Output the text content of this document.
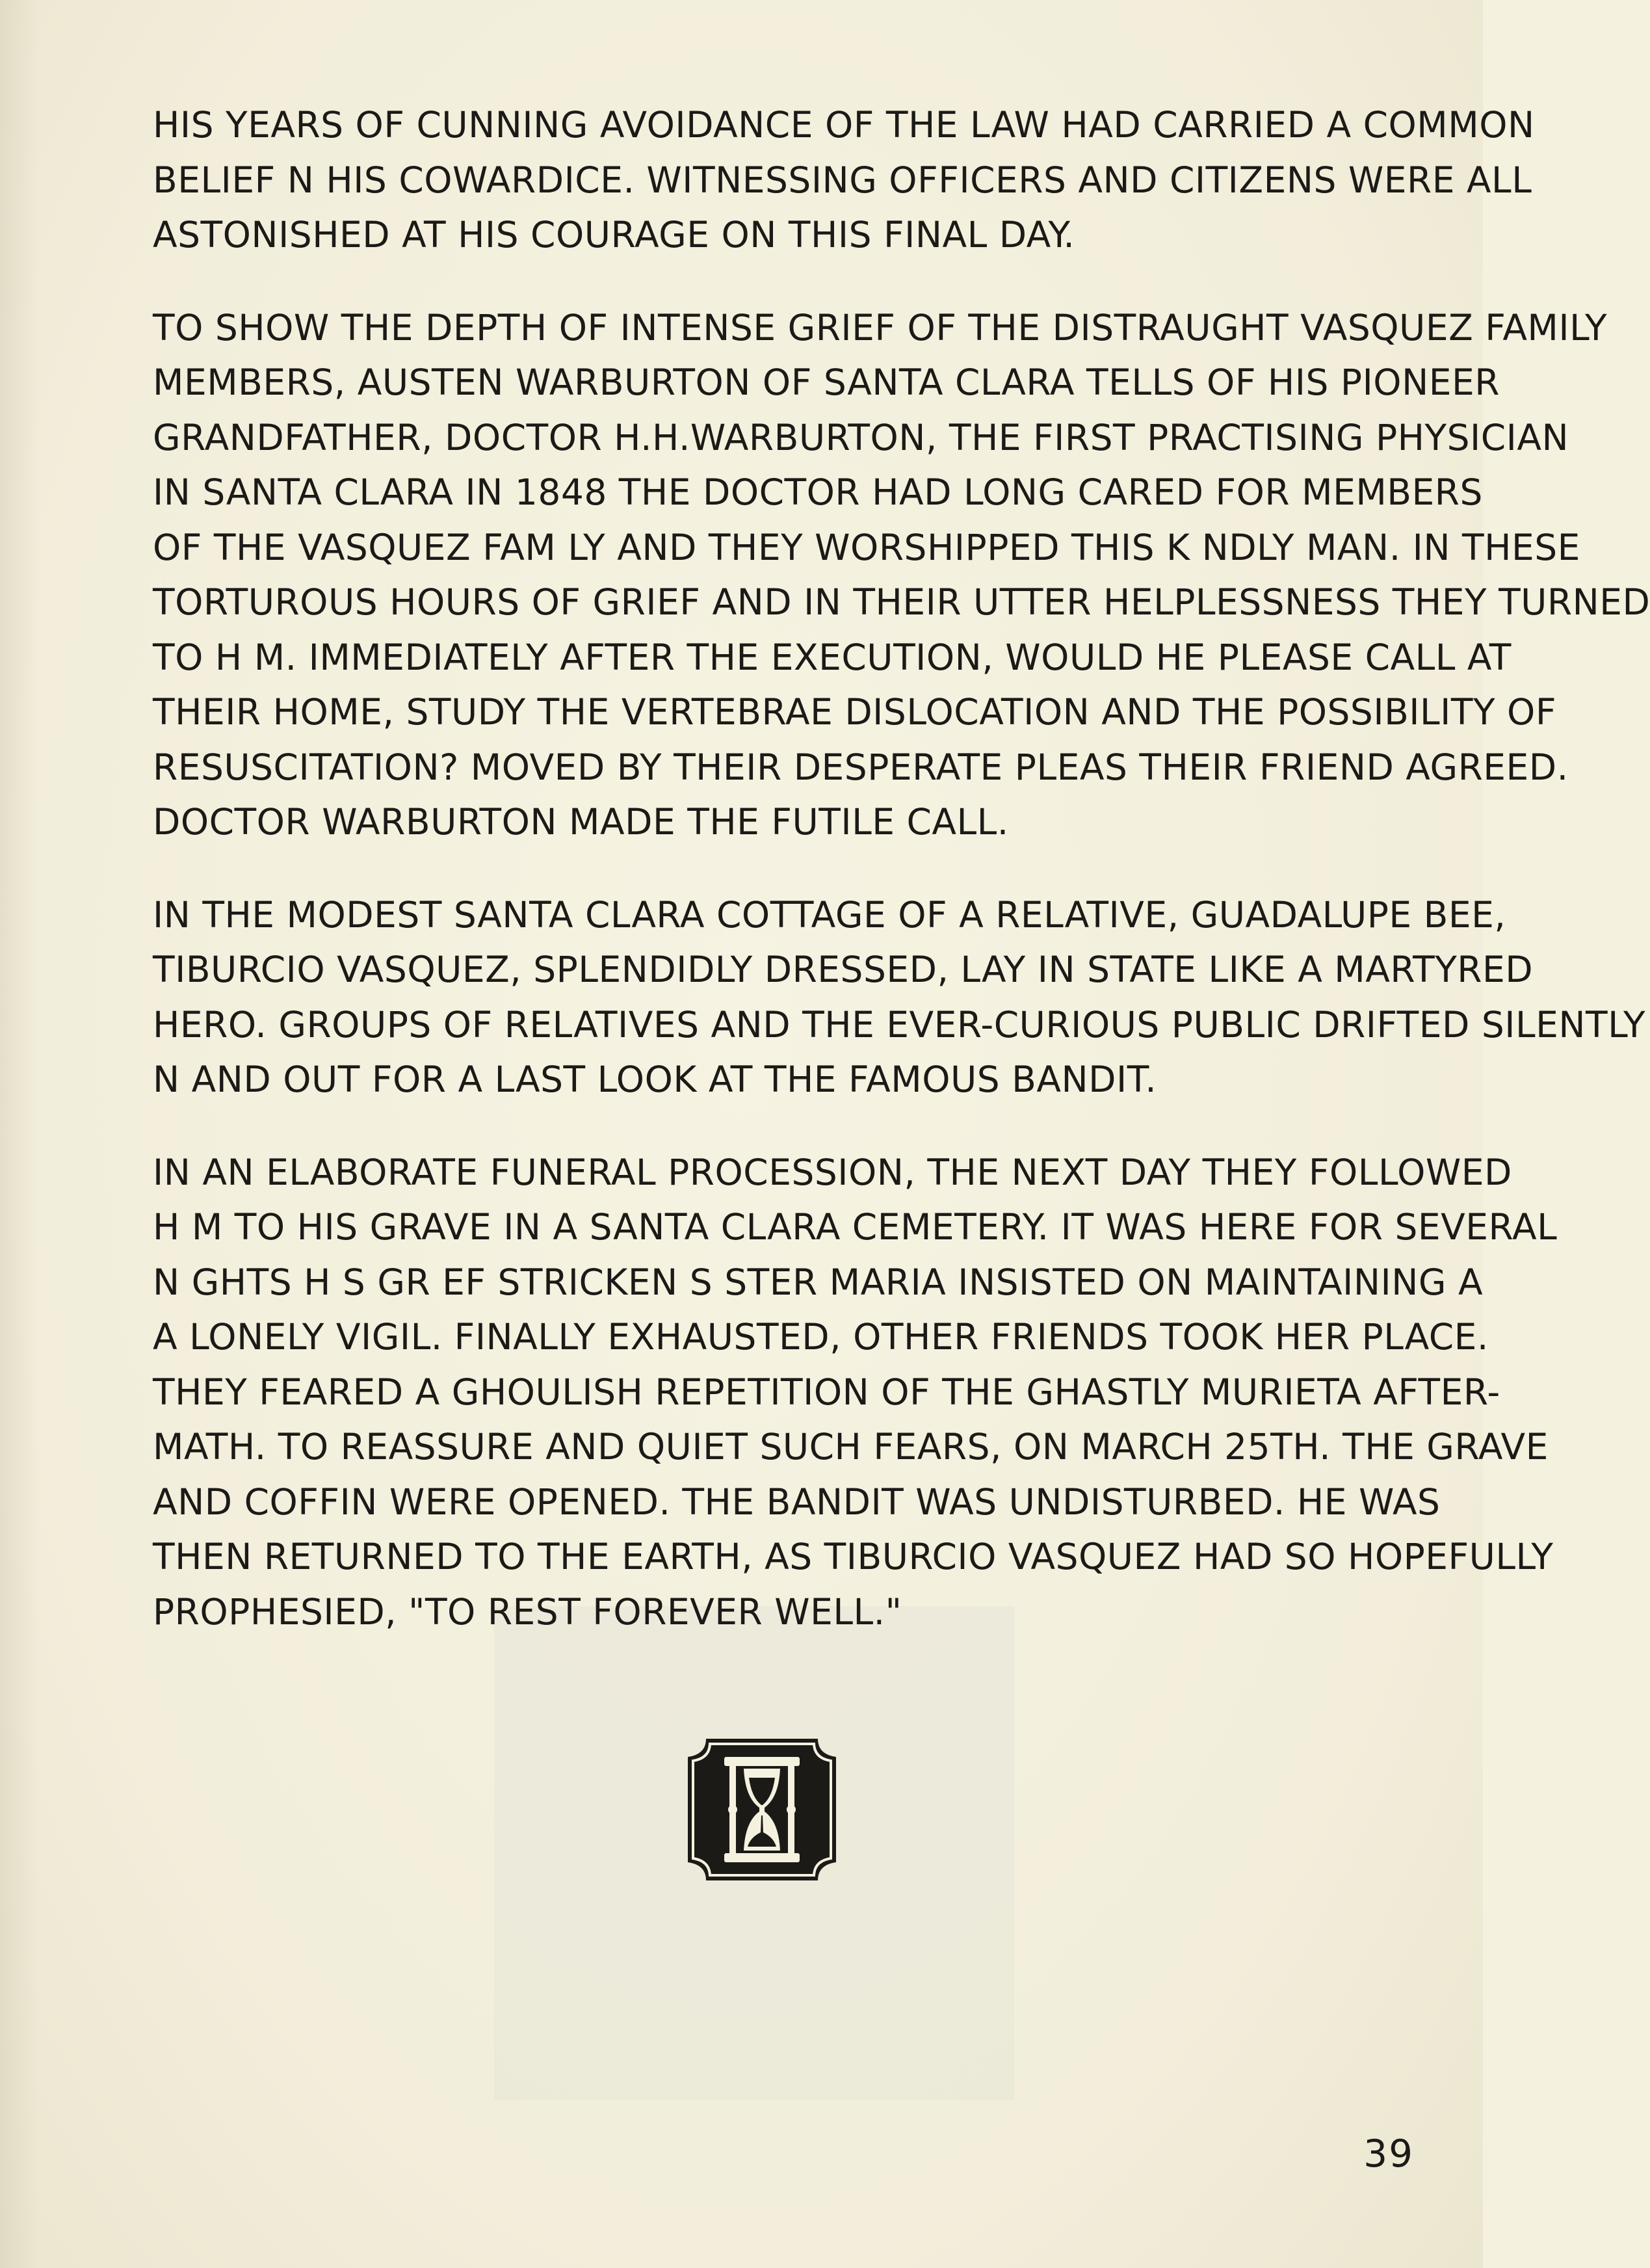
HIS YEARS OF CUNNING AVOIDANCE OF THE LAW HAD CARRIED A COMMON
BELIEF N HIS COWARDICE. WITNESSING OFFICERS AND CITIZENS WERE ALL
ASTONISHED AT HIS COURAGE ON THIS FINAL DAY.
TO SHOW THE DEPTH OF INTENSE GRIEF OF THE DISTRAUGHT VASQUEZ FAMILY
MEMBERS, AUSTEN WARBURTON OF SANTA CLARA TELLS OF HIS PIONEER
GRANDFATHER, DOCTOR H.H.WARBURTON, THE FIRST PRACTISING PHYSICIAN
IN SANTA CLARA IN 1848 THE DOCTOR HAD LONG CARED FOR MEMBERS
OF THE VASQUEZ FAM LY AND THEY WORSHIPPED THIS K NDLY MAN. IN THESE
TORTUROUS HOURS OF GRIEF AND IN THEIR UTTER HELPLESSNESS THEY TURNED
TO H M. IMMEDIATELY AFTER THE EXECUTION, WOULD HE PLEASE CALL AT
THEIR HOME, STUDY THE VERTEBRAE DISLOCATION AND THE POSSIBILITY OF
RESUSCITATION? MOVED BY THEIR DESPERATE PLEAS THEIR FRIEND AGREED.
DOCTOR WARBURTON MADE THE FUTILE CALL.
IN THE MODEST SANTA CLARA COTTAGE OF A RELATIVE, GUADALUPE BEE,
TIBURCIO VASQUEZ, SPLENDIDLY DRESSED, LAY IN STATE LIKE A MARTYRED
HERO. GROUPS OF RELATIVES AND THE EVER-CURIOUS PUBLIC DRIFTED SILENTLY
N AND OUT FOR A LAST LOOK AT THE FAMOUS BANDIT.
IN AN ELABORATE FUNERAL PROCESSION, THE NEXT DAY THEY FOLLOWED
H M TO HIS GRAVE IN A SANTA CLARA CEMETERY. IT WAS HERE FOR SEVERAL
N GHTS H S GR EF STRICKEN S STER MARIA INSISTED ON MAINTAINING A
A LONELY VIGIL. FINALLY EXHAUSTED, OTHER FRIENDS TOOK HER PLACE.
THEY FEARED A GHOULISH REPETITION OF THE GHASTLY MURIETA AFTER-
MATH. TO REASSURE AND QUIET SUCH FEARS, ON MARCH 25TH. THE GRAVE
AND COFFIN WERE OPENED. THE BANDIT WAS UNDISTURBED. HE WAS
THEN RETURNED TO THE EARTH, AS TIBURCIO VASQUEZ HAD SO HOPEFULLY
PROPHESIED, "TO REST FOREVER WELL."
39
